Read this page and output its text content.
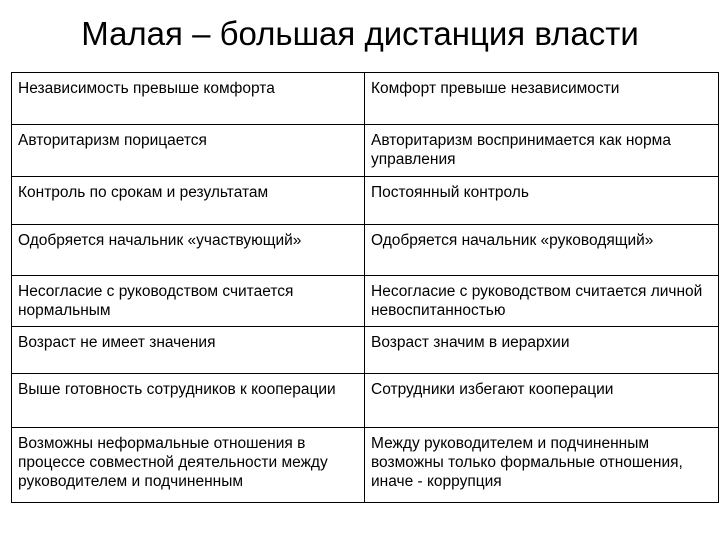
Малая – большая дистанция власти
Независимость превыше комфорта	Комфорт превыше независимости
Авторитаризм порицается	Авторитаризм воспринимается как норма управления
Контроль по срокам и результатам	Постоянный контроль
Одобряется начальник «участвующий»	Одобряется начальник «руководящий»
Несогласие с руководством считается нормальным	Несогласие с руководством считается личной невоспитанностью
Возраст не имеет значения	Возраст значим в иерархии
Выше готовность сотрудников к кооперации	Сотрудники избегают кооперации
Возможны неформальные отношения в процессе совместной деятельности между руководителем и подчиненным	Между руководителем и подчиненным возможны только формальные отношения, иначе - коррупция
